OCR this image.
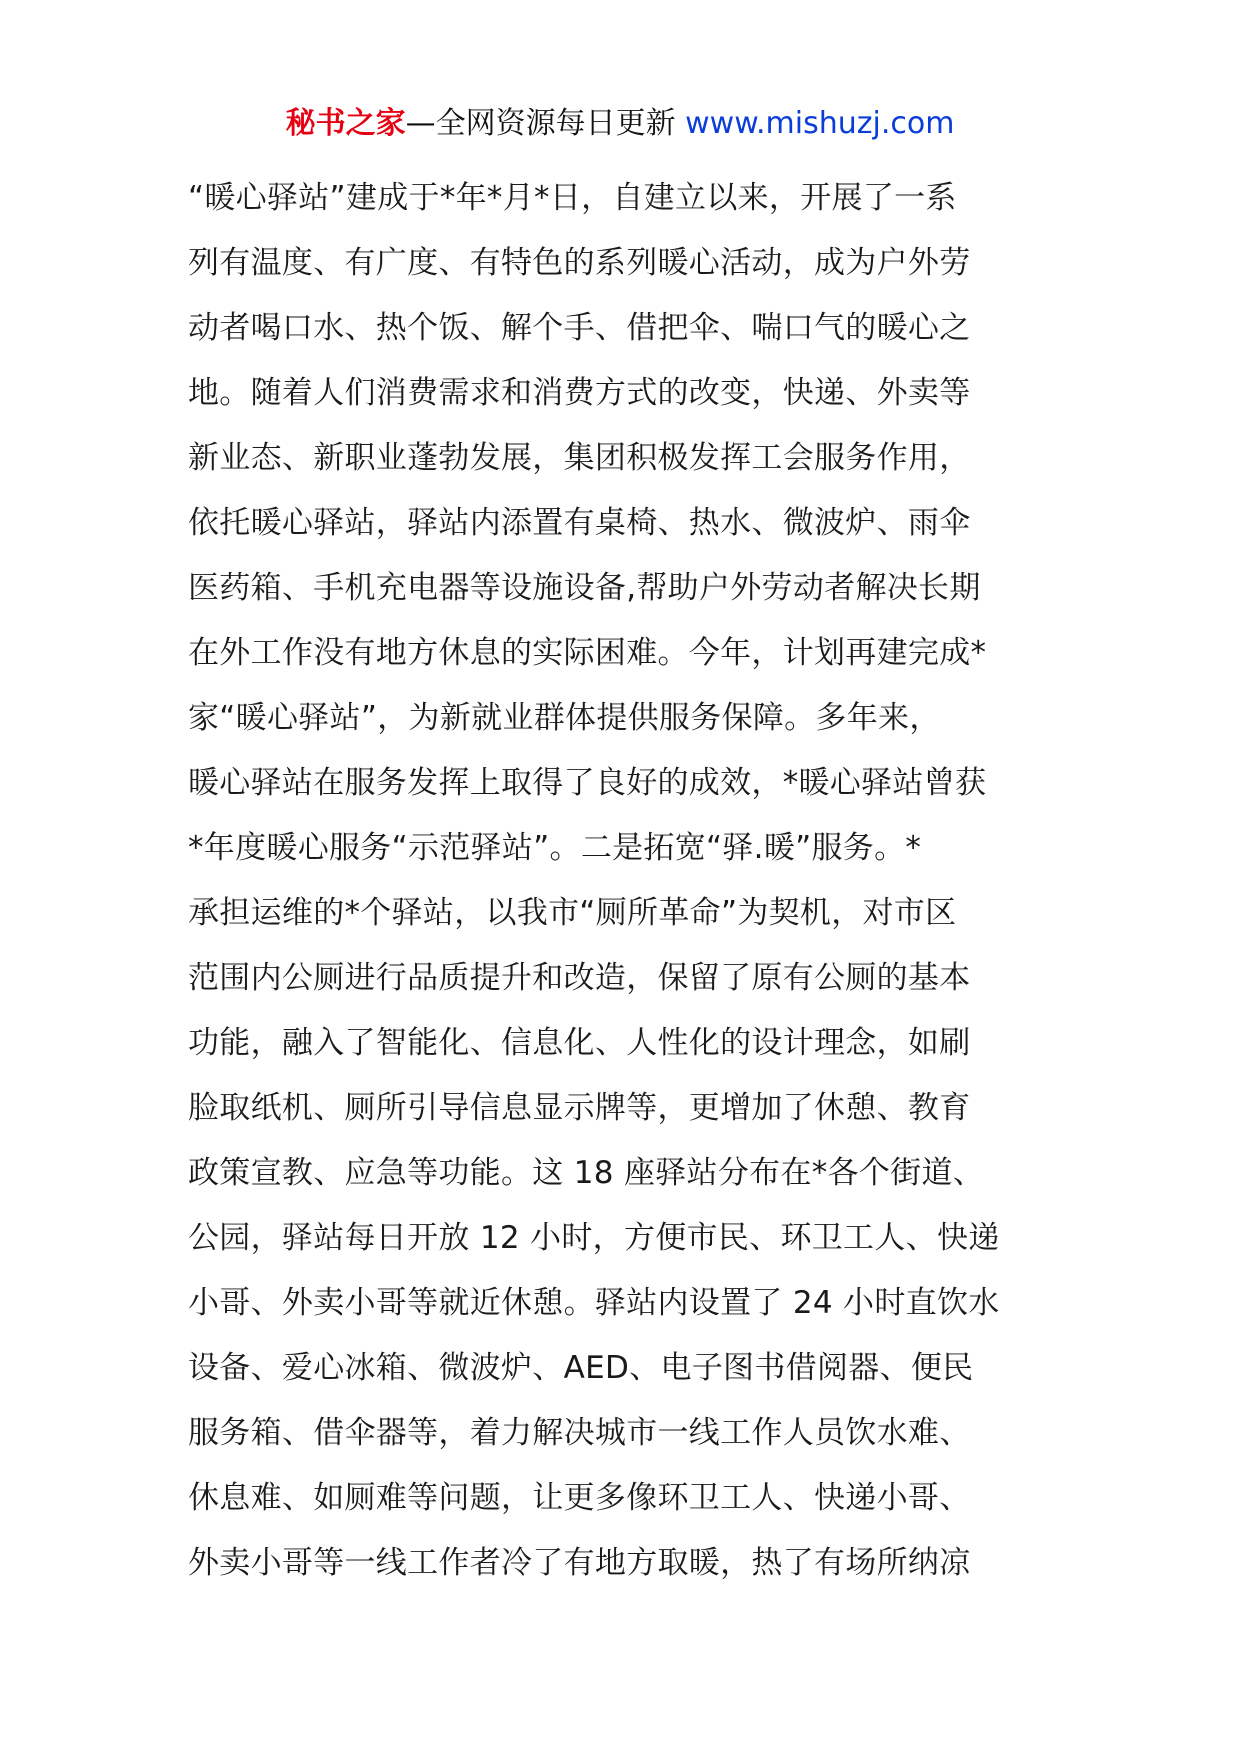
秘书之家—全网资源每日更新 www.mishuzj.com
“暖心驿站”建成于*年*月*日，自建立以来，开展了一系
列有温度、有广度、有特色的系列暖心活动，成为户外劳
动者喝口水、热个饭、解个手、借把伞、喘口气的暖心之
地。随着人们消费需求和消费方式的改变，快递、外卖等
新业态、新职业蓬勃发展，集团积极发挥工会服务作用，
依托暖心驿站，驿站内添置有桌椅、热水、微波炉、雨伞
医药箱、手机充电器等设施设备,帮助户外劳动者解决长期
在外工作没有地方休息的实际困难。今年，计划再建完成*
家“暖心驿站”，为新就业群体提供服务保障。多年来，
暖心驿站在服务发挥上取得了良好的成效，*暖心驿站曾获
*年度暖心服务“示范驿站”。二是拓宽“驿.暖”服务。*
承担运维的*个驿站，以我市“厕所革命”为契机，对市区
范围内公厕进行品质提升和改造，保留了原有公厕的基本
功能，融入了智能化、信息化、人性化的设计理念，如刷
脸取纸机、厕所引导信息显示牌等，更增加了休憩、教育
政策宣教、应急等功能。这 18 座驿站分布在*各个街道、
公园，驿站每日开放 12 小时，方便市民、环卫工人、快递
小哥、外卖小哥等就近休憩。驿站内设置了 24 小时直饮水
设备、爱心冰箱、微波炉、AED、电子图书借阅器、便民
服务箱、借伞器等，着力解决城市一线工作人员饮水难、
休息难、如厕难等问题，让更多像环卫工人、快递小哥、
外卖小哥等一线工作者冷了有地方取暖，热了有场所纳凉
